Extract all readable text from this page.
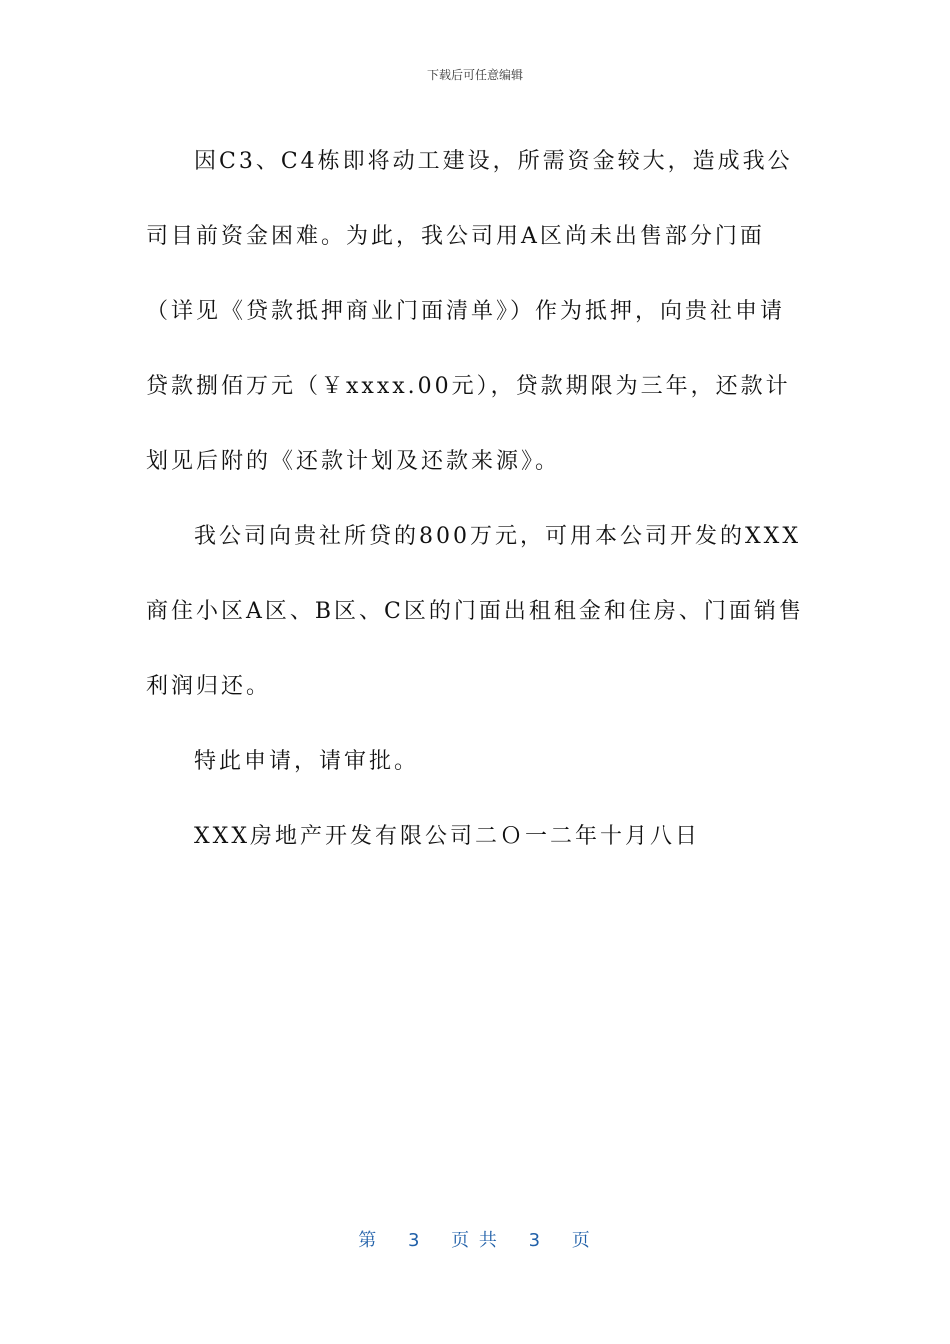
下载后可任意编辑

因C3、C4栋即将动工建设，所需资金较大，造成我公司目前资金困难。为此，我公司用A区尚未出售部分门面（详见《贷款抵押商业门面清单》）作为抵押，向贵社申请贷款捌佰万元（￥xxxx.00元），贷款期限为三年，还款计划见后附的《还款计划及还款来源》。

我公司向贵社所贷的800万元，可用本公司开发的XXX商住小区A区、B区、C区的门面出租租金和住房、门面销售利润归还。

特此申请，请审批。

XXX房地产开发有限公司二Ｏ一二年十月八日

第 3 页 共 3 页
